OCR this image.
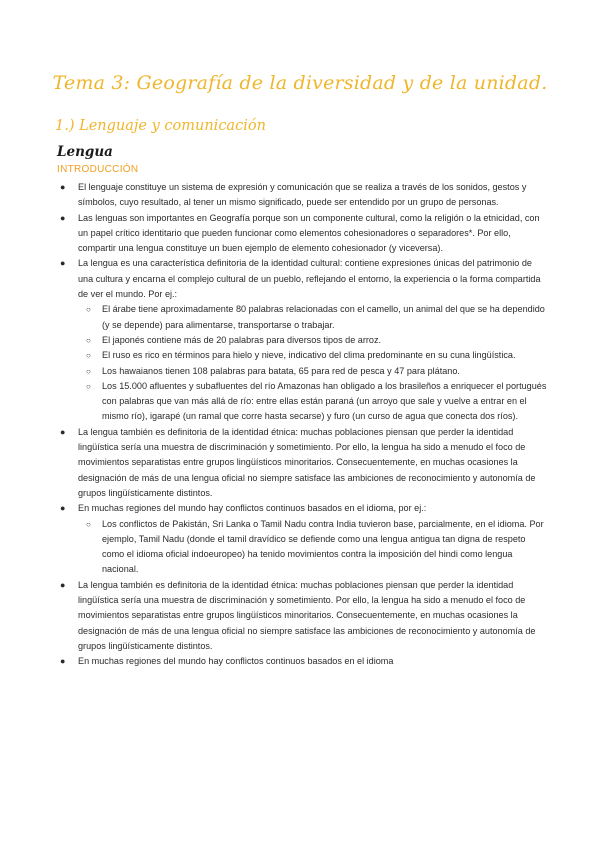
Tema 3: Geografía de la diversidad y de la unidad.
1.) Lenguaje y comunicación
Lengua
INTRODUCCIÓN
● El lenguaje constituye un sistema de expresión y comunicación que se realiza a través de los sonidos, gestos y símbolos, cuyo resultado, al tener un mismo significado, puede ser entendido por un grupo de personas.
● Las lenguas son importantes en Geografía porque son un componente cultural, como la religión o la etnicidad, con un papel crítico identitario que pueden funcionar como elementos cohesionadores o separadores*. Por ello, compartir una lengua constituye un buen ejemplo de elemento cohesionador (y viceversa).
● La lengua es una característica definitoria de la identidad cultural: contiene expresiones únicas del patrimonio de una cultura y encarna el complejo cultural de un pueblo, reflejando el entorno, la experiencia o la forma compartida de ver el mundo. Por ej.:
○ El árabe tiene aproximadamente 80 palabras relacionadas con el camello, un animal del que se ha dependido (y se depende) para alimentarse, transportarse o trabajar.
○ El japonés contiene más de 20 palabras para diversos tipos de arroz.
○ El ruso es rico en términos para hielo y nieve, indicativo del clima predominante en su cuna lingüística.
○ Los hawaianos tienen 108 palabras para batata, 65 para red de pesca y 47 para plátano.
○ Los 15.000 afluentes y subafluentes del río Amazonas han obligado a los brasileños a enriquecer el portugués con palabras que van más allá de río: entre ellas están paraná (un arroyo que sale y vuelve a entrar en el mismo río), igarapé (un ramal que corre hasta secarse) y furo (un curso de agua que conecta dos ríos).
● La lengua también es definitoria de la identidad étnica: muchas poblaciones piensan que perder la identidad lingüística sería una muestra de discriminación y sometimiento. Por ello, la lengua ha sido a menudo el foco de movimientos separatistas entre grupos lingüísticos minoritarios. Consecuentemente, en muchas ocasiones la designación de más de una lengua oficial no siempre satisface las ambiciones de reconocimiento y autonomía de grupos lingüísticamente distintos.
● En muchas regiones del mundo hay conflictos continuos basados en el idioma, por ej.:
○ Los conflictos de Pakistán, Sri Lanka o Tamil Nadu contra India tuvieron base, parcialmente, en el idioma. Por ejemplo, Tamil Nadu (donde el tamil dravídico se defiende como una lengua antigua tan digna de respeto como el idioma oficial indoeuropeo) ha tenido movimientos contra la imposición del hindi como lengua nacional.
● La lengua también es definitoria de la identidad étnica: muchas poblaciones piensan que perder la identidad lingüística sería una muestra de discriminación y sometimiento. Por ello, la lengua ha sido a menudo el foco de movimientos separatistas entre grupos lingüísticos minoritarios. Consecuentemente, en muchas ocasiones la designación de más de una lengua oficial no siempre satisface las ambiciones de reconocimiento y autonomía de grupos lingüísticamente distintos.
● En muchas regiones del mundo hay conflictos continuos basados en el idioma
